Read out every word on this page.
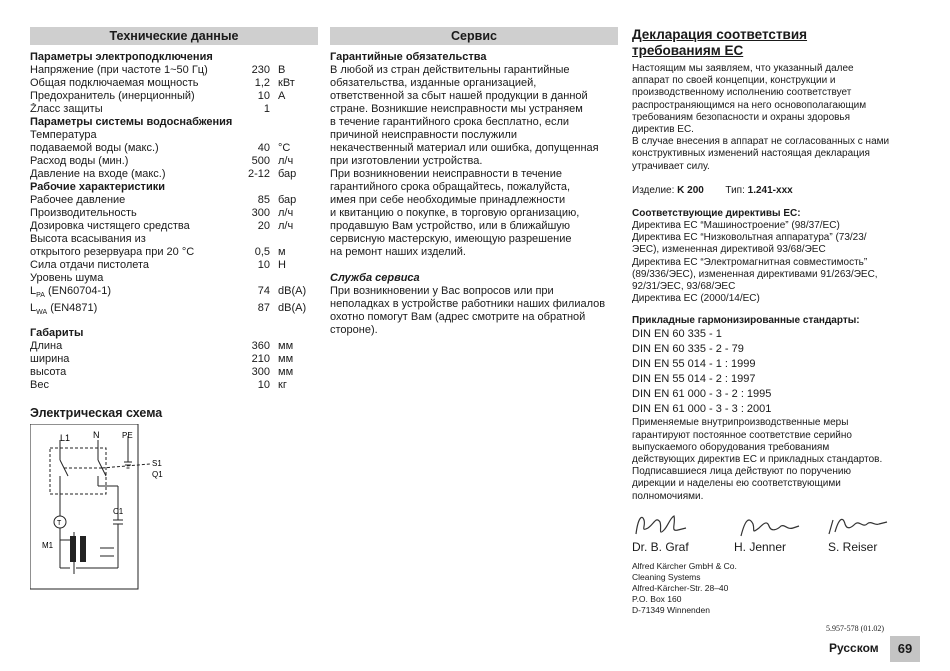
Технические данные
Параметры электроподключения
Напряжение (при частоте 1~50 Гц)	230 В
Общая подключаемая мощность	1,2 кВт
Предохранитель (инерционный)	10 А
Žласс защиты	1
Параметры системы водоснабжения
Температура
подаваемой воды (макс.)	40 °С
Расход воды (мин.)	500 л/ч
Давление на входе (макс.)	2-12 бар
Рабочие характеристики
Рабочее давление	85 бар
Производительность	300 л/ч
Дозировка чистящего средства	20 л/ч
Высота всасывания из
открытого резервуара при 20 °С	0,5 м
Сила отдачи пистолета	10 Н
Уровень шума
$L_{PA}$ (EN60704-1)	74 dB(A)
$L_{WA}$ (EN4871)	87 dB(A)
Габариты
Длина	360 мм
ширина	210 мм
высота	300 мм
Вес	10 кг
Электрическая схема
L1	N	PE
S1
Q1
T
C1
M1
Сервис
Гарантийные обязательства
В любой из стран действительны гарантийные
обязательства, изданные организацией,
ответственной за сбыт нашей продукции в данной
стране. Возникшие неисправности мы устраняем
в течение гарантийного срока бесплатно, если
причиной неисправности послужили
некачественный материал или ошибка, допущенная
при изготовлении устройства.
При возникновении неисправности в течение
гарантийного срока обращайтесь, пожалуйста,
имея при себе необходимые принадлежности
и квитанцию о покупке, в торговую организацию,
продавшую Вам устройство, или в ближайшую
сервисную мастерскую, имеющую разрешение
на ремонт наших изделий.
Служба сервиса
При возникновении у Вас вопросов или при
неполадках в устройстве работники наших филиалов
охотно помогут Вам (адрес смотрите на обратной
стороне).
Декларация соответствия
требованиям ЕС
Настоящим мы заявляем, что указанный далее
аппарат по своей концепции, конструкции и
производственному исполнению соответствует
распространяющимся на него основополагающим
требованиям безопасности и охраны здоровья
директив ЕС.
В случае внесения в аппарат не согласованных с нами
конструктивных изменений настоящая декларация
утрачивает силу.
Изделие: K 200 Тип: 1.241-xxx
Соответствующие директивы ЕС:
Директива ЕС “Машиностроение” (98/37/ЕС)
Директива ЕС “Низковольтная аппаратура” (73/23/
ЭЕС), измененная директивой 93/68/ЭЕС
Директива ЕС “Электромагнитная совместимость”
(89/336/ЭЕС), измененная директивами 91/263/ЭЕС,
92/31/ЭЕС, 93/68/ЭЕС
Директива ЕС (2000/14/ЕС)
Прикладные гармонизированные стандарты:
DIN EN 60 335 - 1
DIN EN 60 335 - 2 - 79
DIN EN 55 014 - 1 : 1999
DIN EN 55 014 - 2 : 1997
DIN EN 61 000 - 3 - 2 : 1995
DIN EN 61 000 - 3 - 3 : 2001
Применяемые внутрипроизводственные меры
гарантируют постоянное соответствие серийно
выпускаемого оборудования требованиям
действующих директив ЕС и прикладных стандартов.
Подписавшиеся лица действуют по поручению
дирекции и наделены ею соответствующими
полномочиями.
Dr. B. Graf	H. Jenner	S. Reiser
Alfred Kärcher GmbH & Co.
Cleaning Systems
Alfred-Kärcher-Str. 28–40
P.O. Box 160
D-71349 Winnenden
5.957-578 (01.02)
Русском	69
